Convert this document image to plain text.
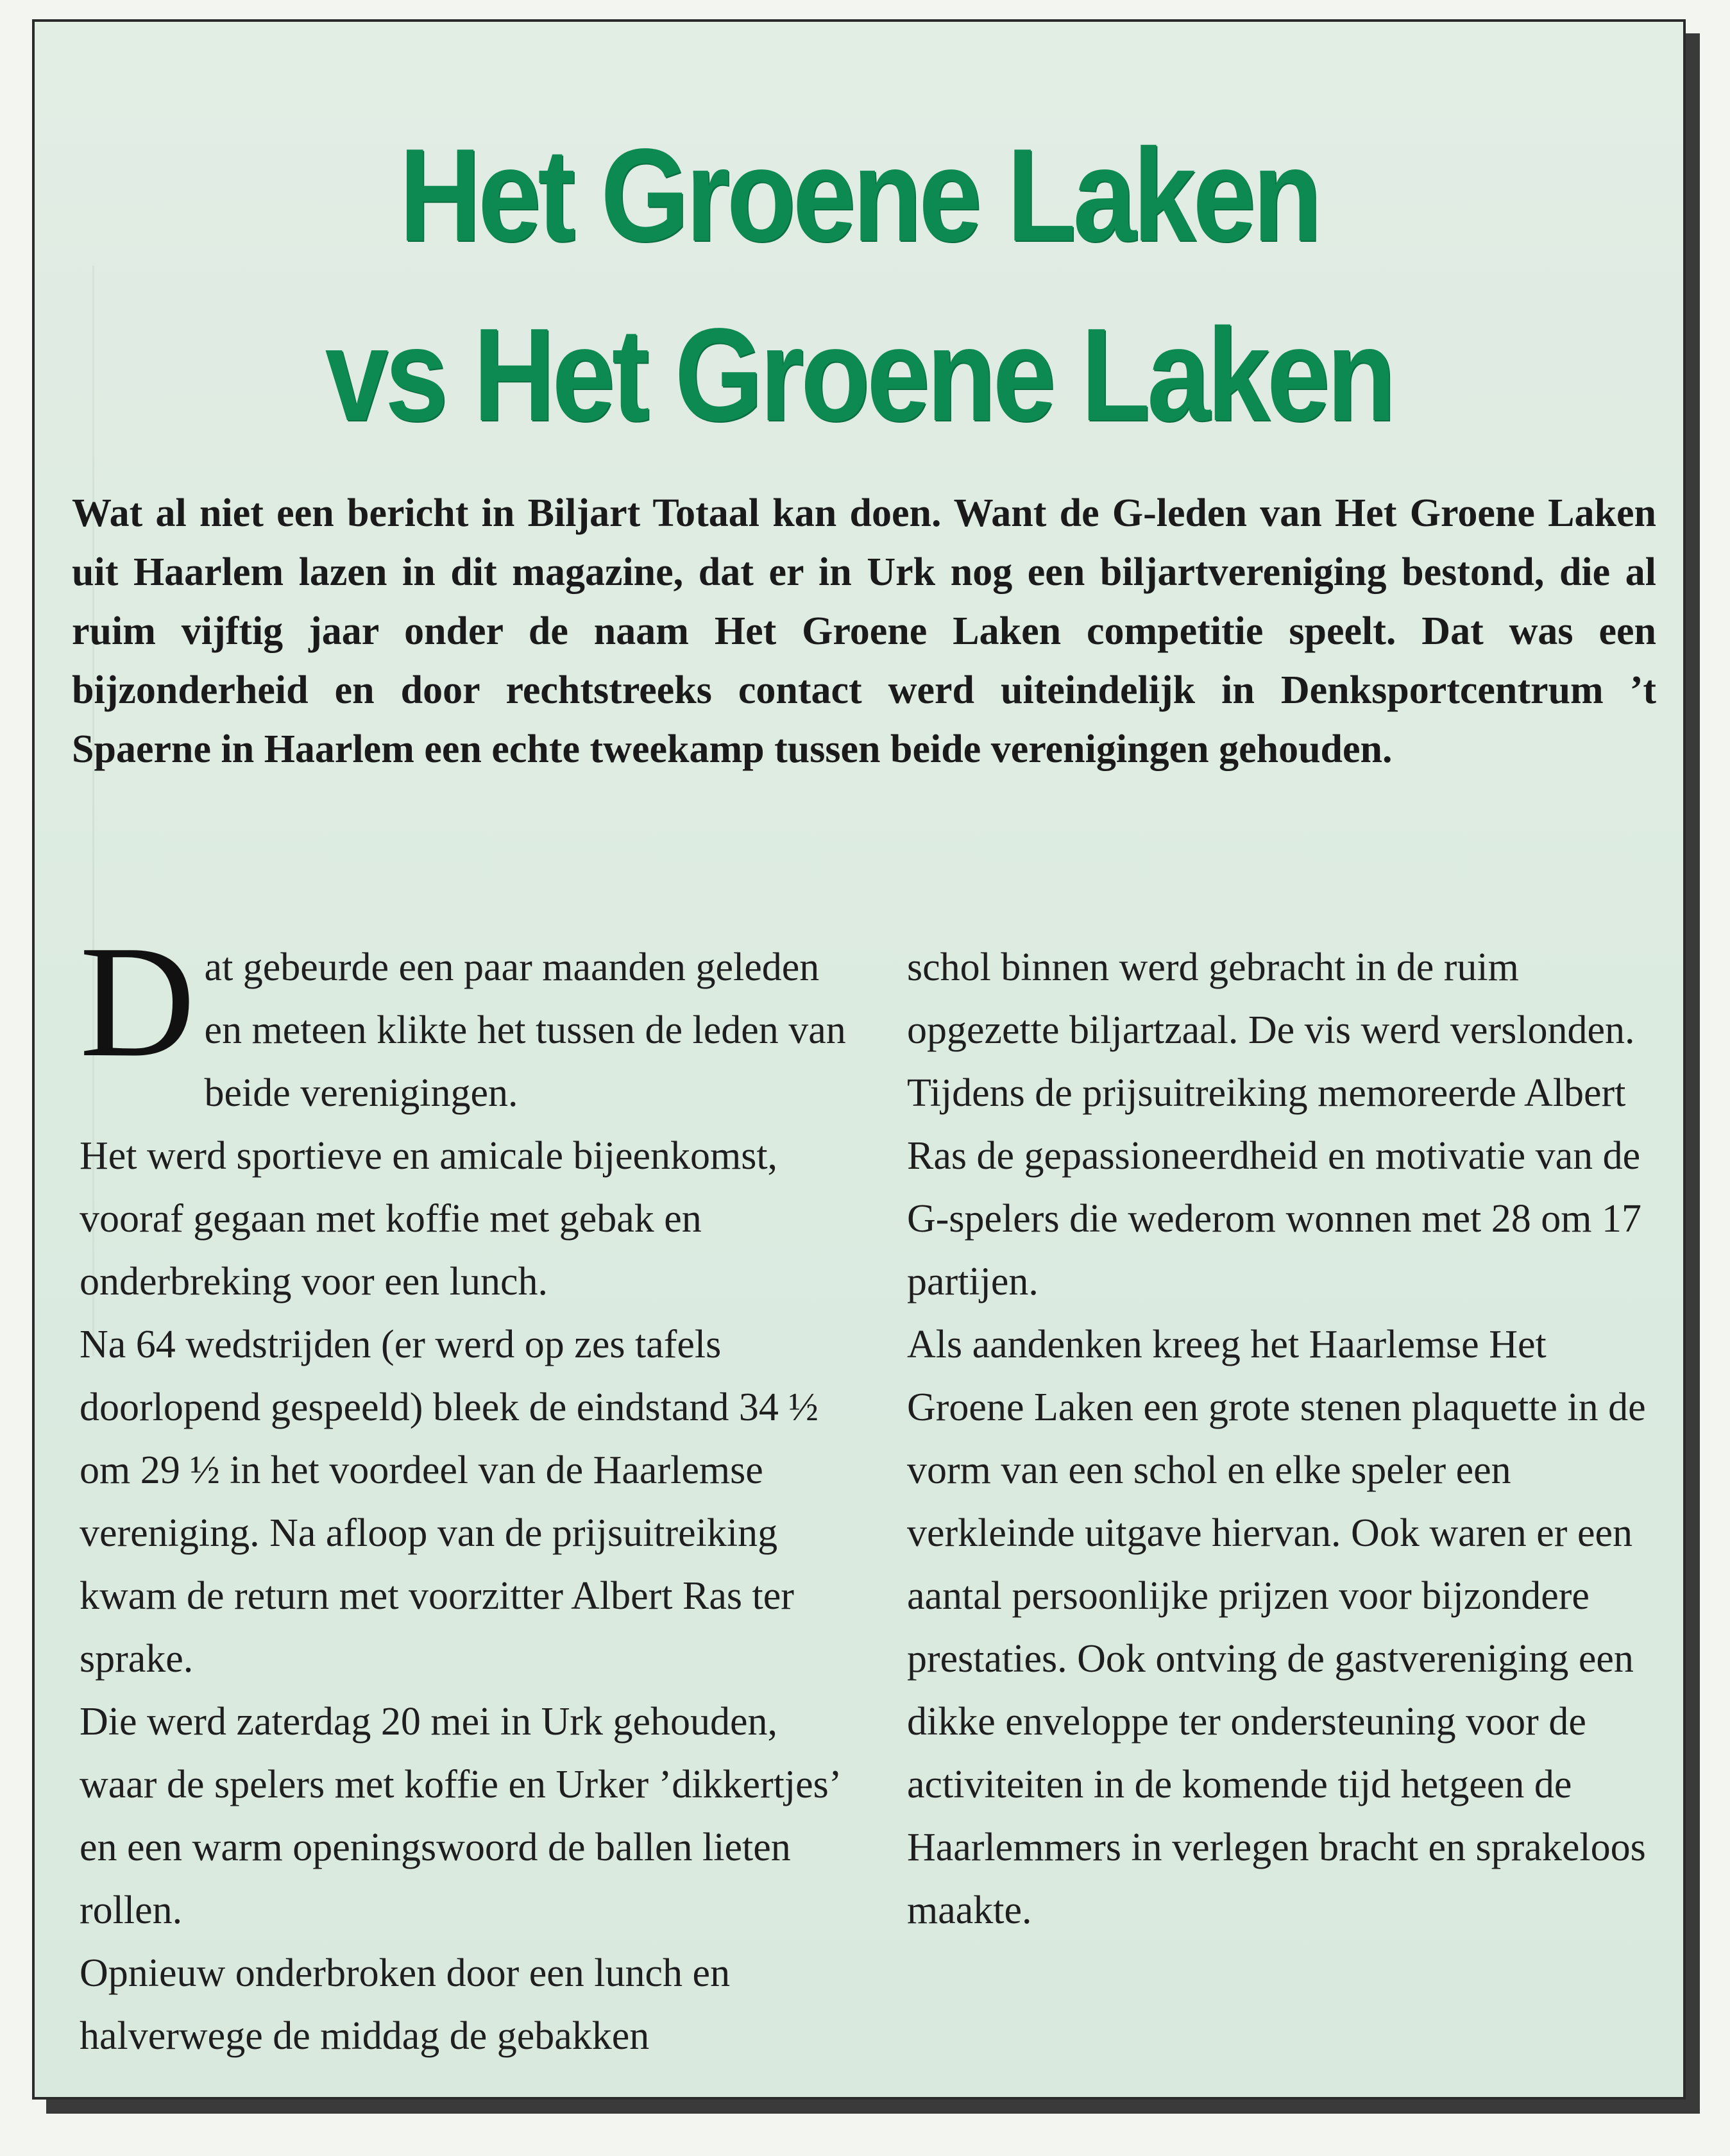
Het Groene Laken
vs Het Groene Laken

Wat al niet een bericht in Biljart Totaal kan doen. Want de G-leden van Het Groene Laken uit Haarlem lazen in dit magazine, dat er in Urk nog een biljartvereniging bestond, die al ruim vijftig jaar onder de naam Het Groene Laken competitie speelt. Dat was een bijzonderheid en door rechtstreeks contact werd uiteindelijk in Denksportcentrum ’t Spaerne in Haarlem een echte tweekamp tussen beide verenigingen gehouden.

D at gebeurde een paar maanden geleden en meteen klikte het tussen de leden van beide verenigingen.

Het werd sportieve en amicale bijeenkomst, vooraf gegaan met koffie met gebak en onderbreking voor een lunch.

Na 64 wedstrijden (er werd op zes tafels doorlopend gespeeld) bleek de eindstand 34 ½ om 29 ½ in het voordeel van de Haarlemse vereniging. Na afloop van de prijsuitreiking kwam de return met voorzitter Albert Ras ter sprake.

Die werd zaterdag 20 mei in Urk gehouden, waar de spelers met koffie en Urker ’dikkertjes’ en een warm openingswoord de ballen lieten rollen.

Opnieuw onderbroken door een lunch en halverwege de middag de gebakken

schol binnen werd gebracht in de ruim opgezette biljartzaal. De vis werd verslonden.

Tijdens de prijsuitreiking memoreerde Albert Ras de gepassioneerdheid en motivatie van de G-spelers die wederom wonnen met 28 om 17 partijen.

Als aandenken kreeg het Haarlemse Het Groene Laken een grote stenen plaquette in de vorm van een schol en elke speler een verkleinde uitgave hiervan. Ook waren er een aantal persoonlijke prijzen voor bijzondere prestaties. Ook ontving de gastvereniging een dikke enveloppe ter ondersteuning voor de activiteiten in de komende tijd hetgeen de Haarlemmers in verlegen bracht en sprakeloos maakte.
